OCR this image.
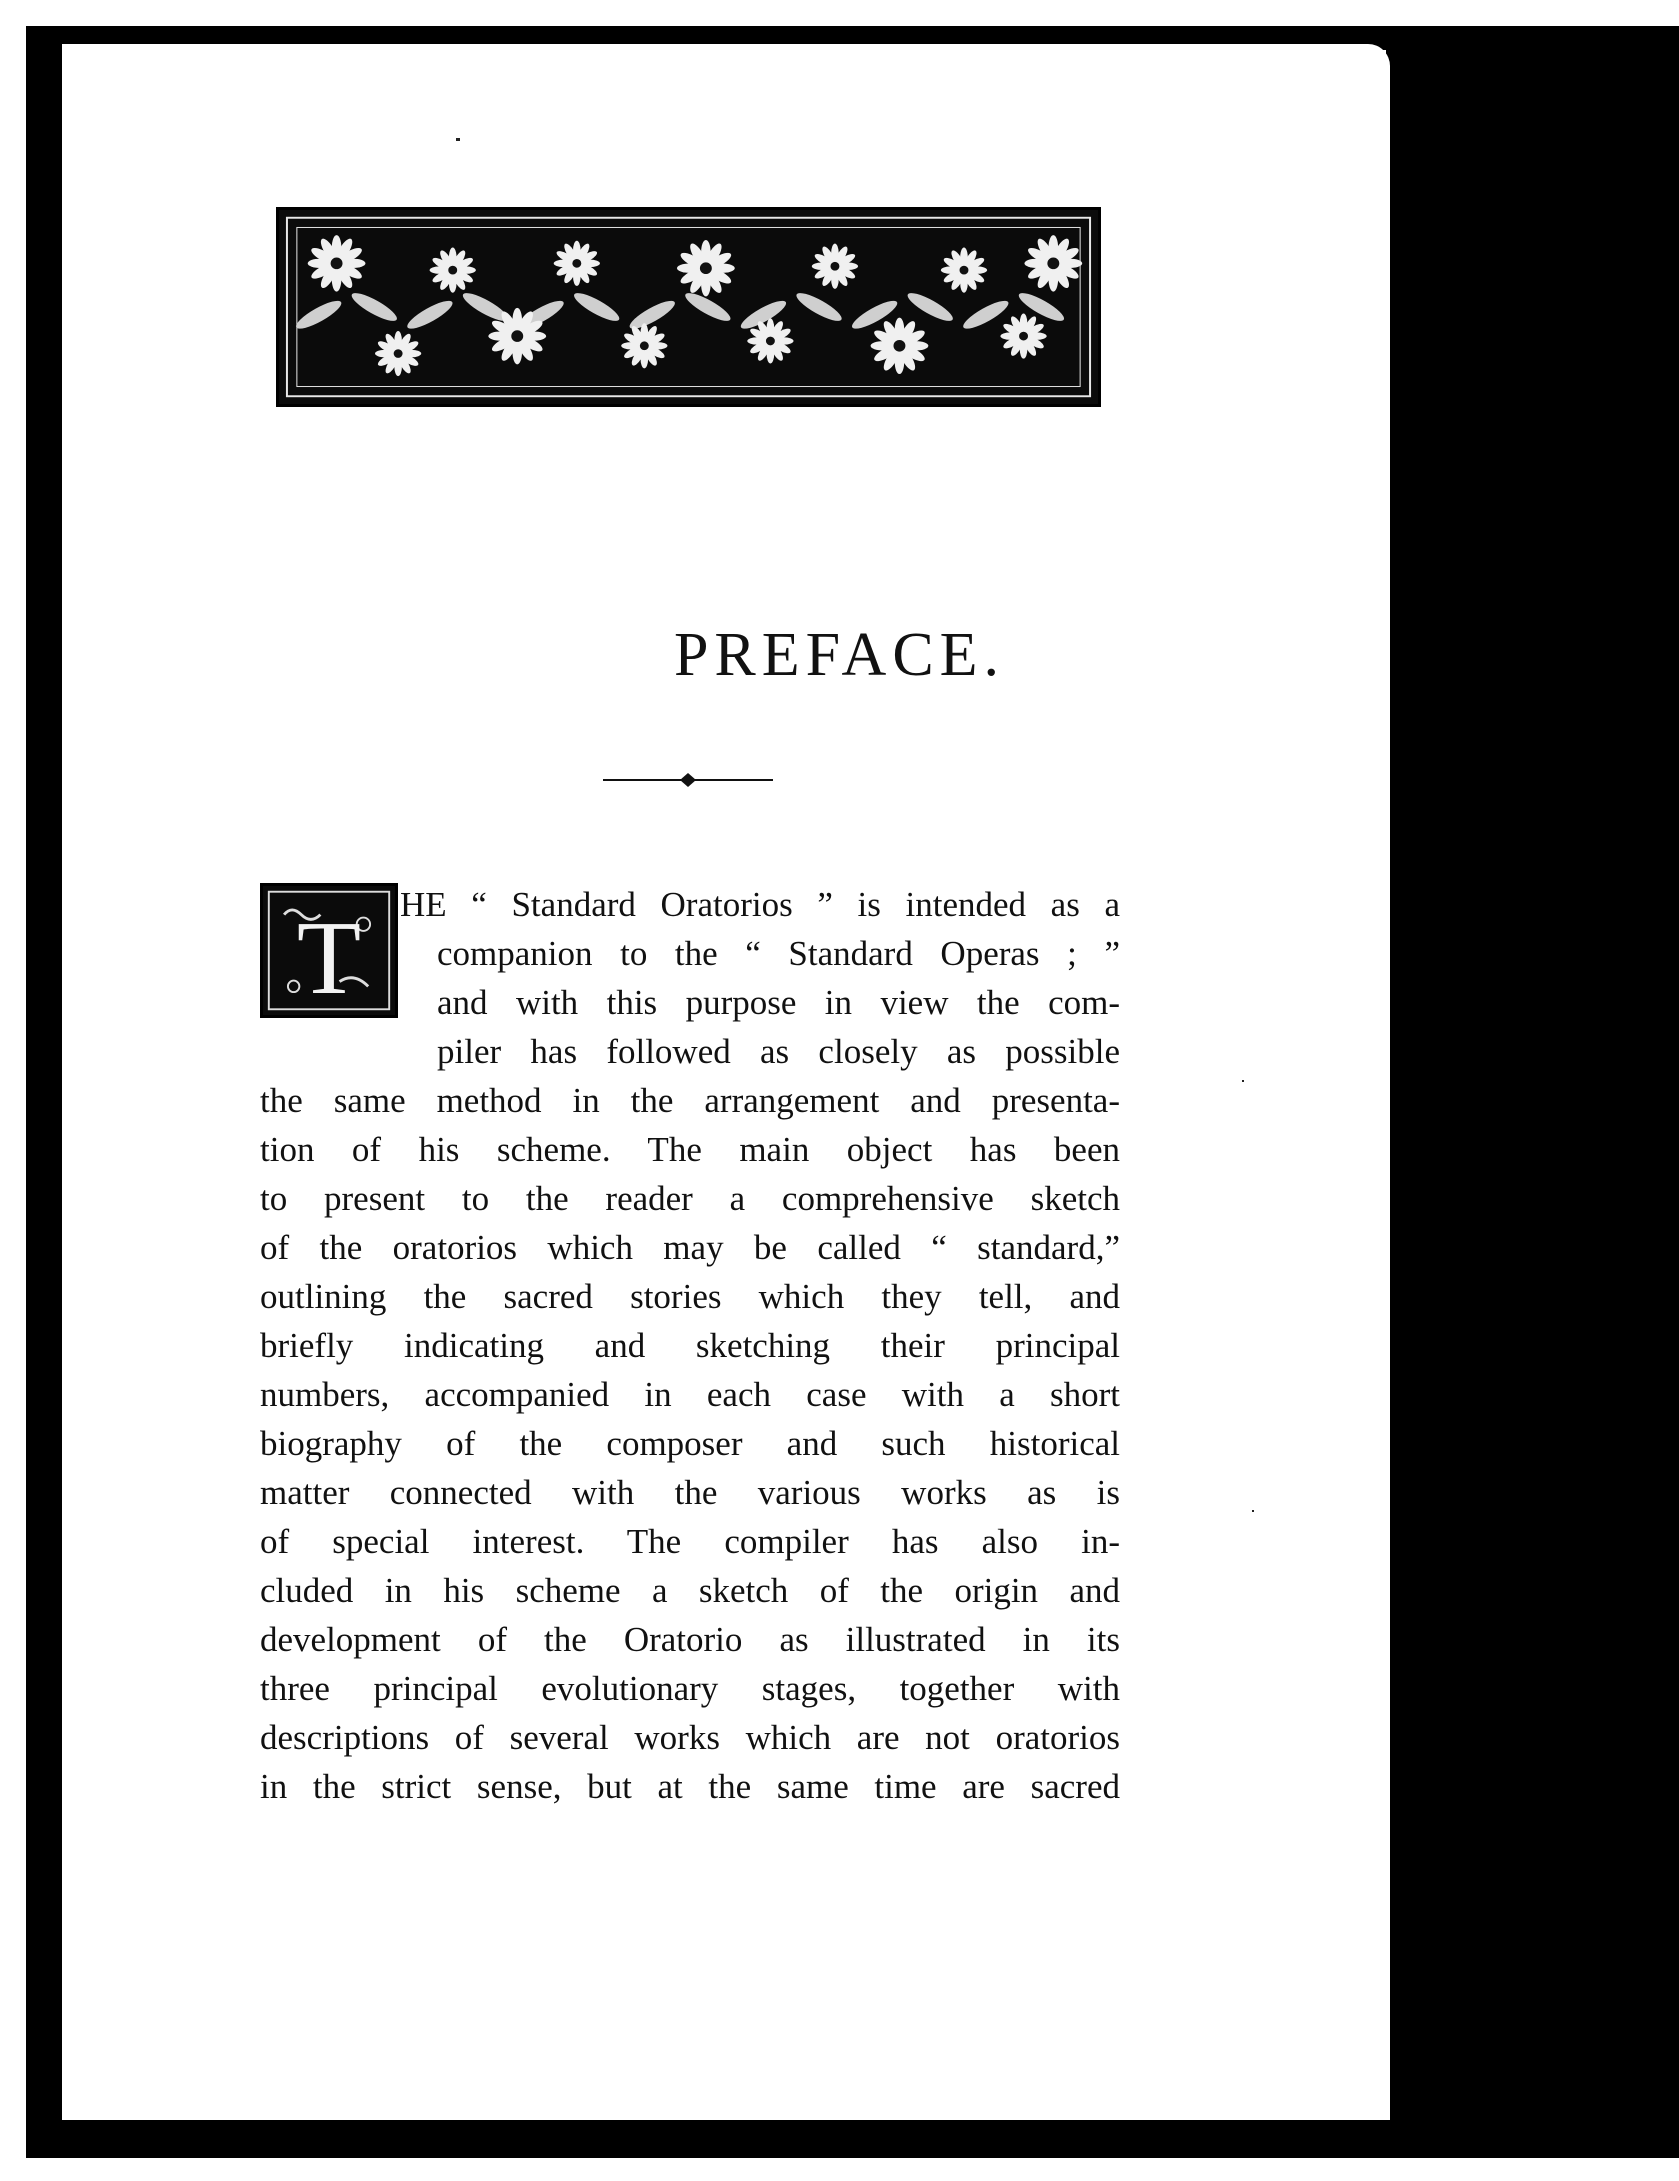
PREFACE.
T HE “ Standard Oratorios ” is intended as a
companion to the “ Standard Operas ; ”
and with this purpose in view the com-
piler has followed as closely as possible
the same method in the arrangement and presenta-
tion of his scheme. The main object has been
to present to the reader a comprehensive sketch
of the oratorios which may be called “ standard,”
outlining the sacred stories which they tell, and
briefly indicating and sketching their principal
numbers, accompanied in each case with a short
biography of the composer and such historical
matter connected with the various works as is
of special interest. The compiler has also in-
cluded in his scheme a sketch of the origin and
development of the Oratorio as illustrated in its
three principal evolutionary stages, together with
descriptions of several works which are not oratorios
in the strict sense, but at the same time are sacred
